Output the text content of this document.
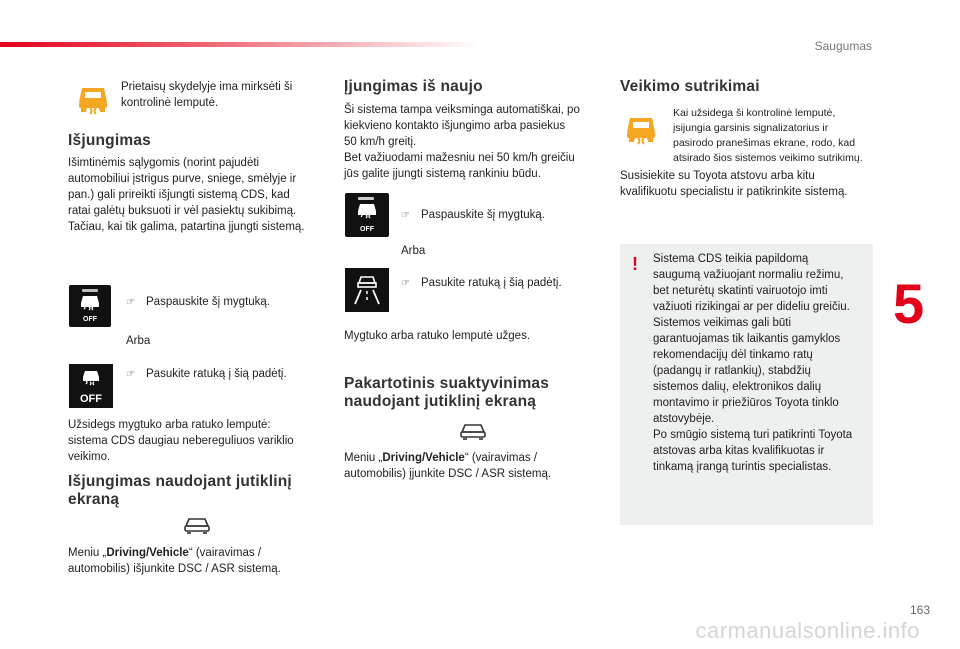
Saugumas
5
163
carmanualsonline.info
Prietaisų skydelyje ima mirksėti ši
kontrolinė lemputė.
Išjungimas
Išimtinėmis sąlygomis (norint pajudėti
automobiliui įstrigus purve, sniege, smėlyje ir
pan.) gali prireikti išjungti sistemą CDS, kad
ratai galėtų buksuoti ir vėl pasiektų sukibimą.
Tačiau, kai tik galima, patartina įjungti sistemą.
OFF
☞ Paspauskite šį mygtuką.
Arba
OFF
☞ Pasukite ratuką į šią padėtį.
Užsidegs mygtuko arba ratuko lemputė:
sistema CDS daugiau nebereguliuos variklio
veikimo.
Išjungimas naudojant jutiklinį
ekraną
Meniu „Driving/Vehicle“ (vairavimas /
automobilis) išjunkite DSC / ASR sistemą.
Įjungimas iš naujo
Ši sistema tampa veiksminga automatiškai, po
kiekvieno kontakto išjungimo arba pasiekus
50 km/h greitį.
Bet važiuodami mažesniu nei 50 km/h greičiu
jūs galite įjungti sistemą rankiniu būdu.
OFF
☞ Paspauskite šį mygtuką.
Arba
☞ Pasukite ratuką į šią padėtį.
Mygtuko arba ratuko lemputė užges.
Pakartotinis suaktyvinimas
naudojant jutiklinį ekraną
Meniu „Driving/Vehicle“ (vairavimas /
automobilis) įjunkite DSC / ASR sistemą.
Veikimo sutrikimai
Kai užsidega ši kontrolinė lemputė,
įsijungia garsinis signalizatorius ir
pasirodo pranešimas ekrane, rodo, kad
atsirado šios sistemos veikimo sutrikimų.
Susisiekite su Toyota atstovu arba kitu
kvalifikuotu specialistu ir patikrinkite sistemą.
! Sistema CDS teikia papildomą
saugumą važiuojant normaliu režimu,
bet neturėtų skatinti vairuotojo imti
važiuoti rizikingai ar per dideliu greičiu.
Sistemos veikimas gali būti
garantuojamas tik laikantis gamyklos
rekomendacijų dėl tinkamo ratų
(padangų ir ratlankių), stabdžių
sistemos dalių, elektronikos dalių
montavimo ir priežiūros Toyota tinklo
atstovybėje.
Po smūgio sistemą turi patikrinti Toyota
atstovas arba kitas kvalifikuotas ir
tinkamą įrangą turintis specialistas.
